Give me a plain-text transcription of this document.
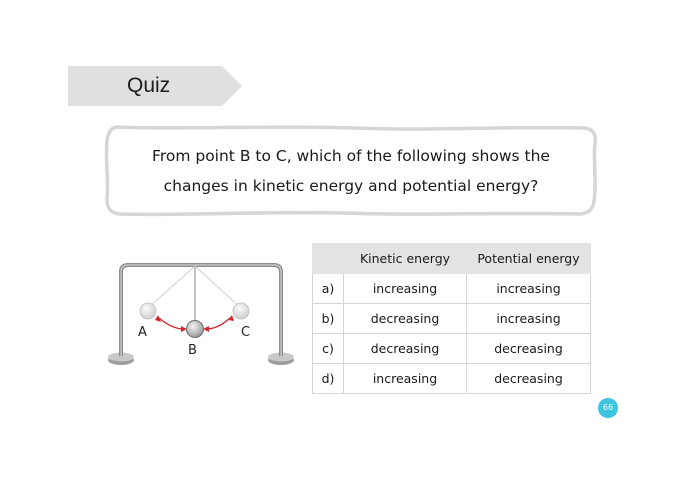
Quiz
From point B to C, which of the following shows the
changes in kinetic energy and potential energy?
A
B
C
	Kinetic energy	Potential energy
a)	increasing	increasing
b)	decreasing	increasing
c)	decreasing	decreasing
d)	increasing	decreasing
66
